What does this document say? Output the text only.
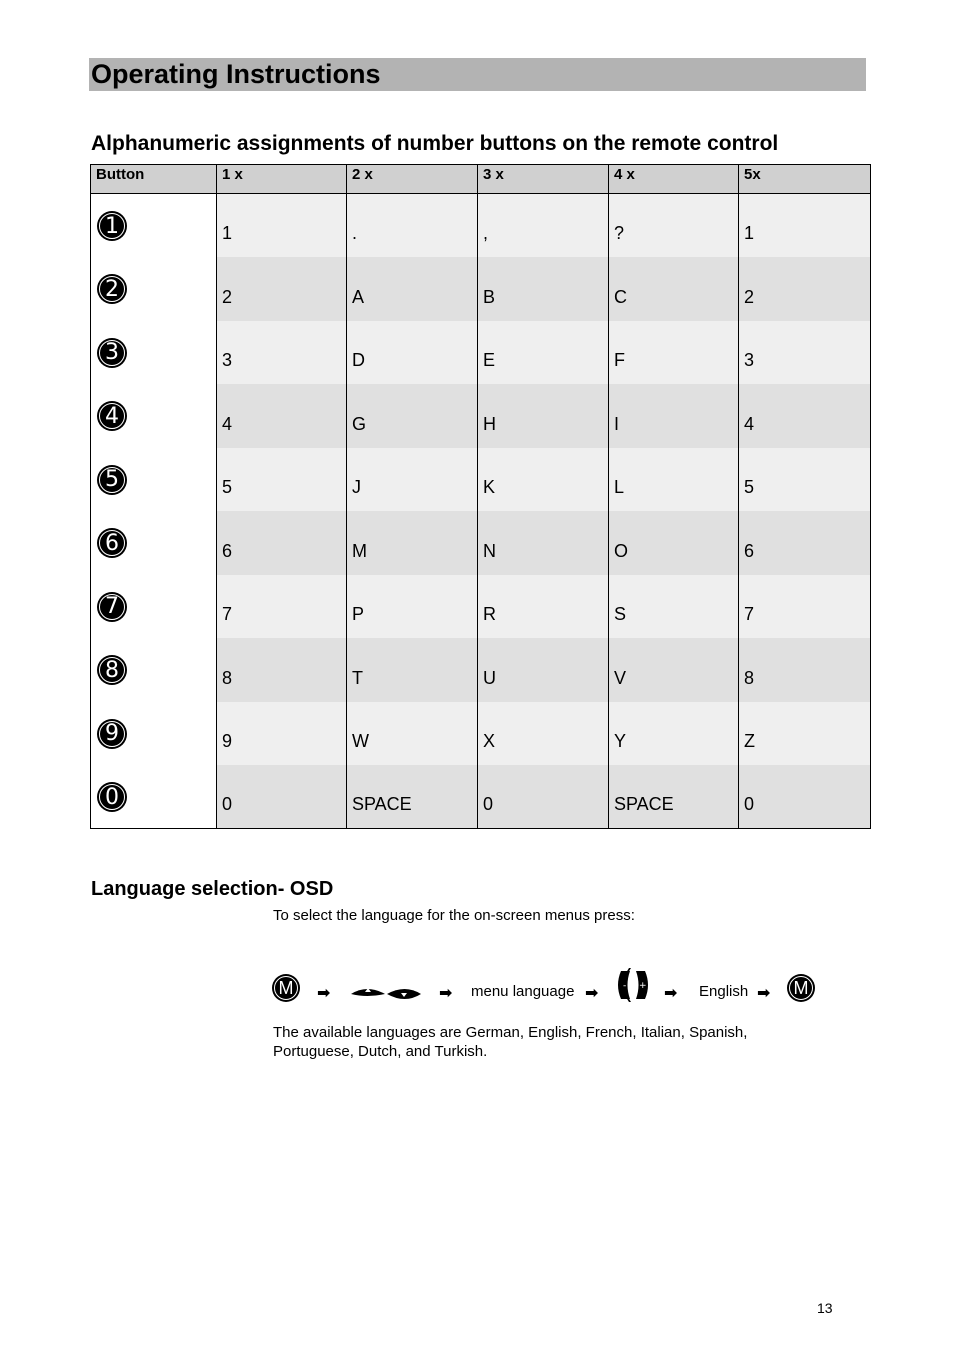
Operating Instructions
Alphanumeric assignments of number buttons on the remote control
Button	1 x	2 x	3 x	4 x	5x
1	1	.	,	?	1
2	2	A	B	C	2
3	3	D	E	F	3
4	4	G	H	I	4
5	5	J	K	L	5
6	6	M	N	O	6
7	7	P	R	S	7
8	8	T	U	V	8
9	9	W	X	Y	Z
0	0	SPACE	0	SPACE	0
Language selection- OSD

To select the language for the on-screen menus press:

M ➡	➡ menu language ➡	- + ➡ English ➡ M

The available languages are German, English, French, Italian, Spanish, Portuguese, Dutch, and Turkish.

13
